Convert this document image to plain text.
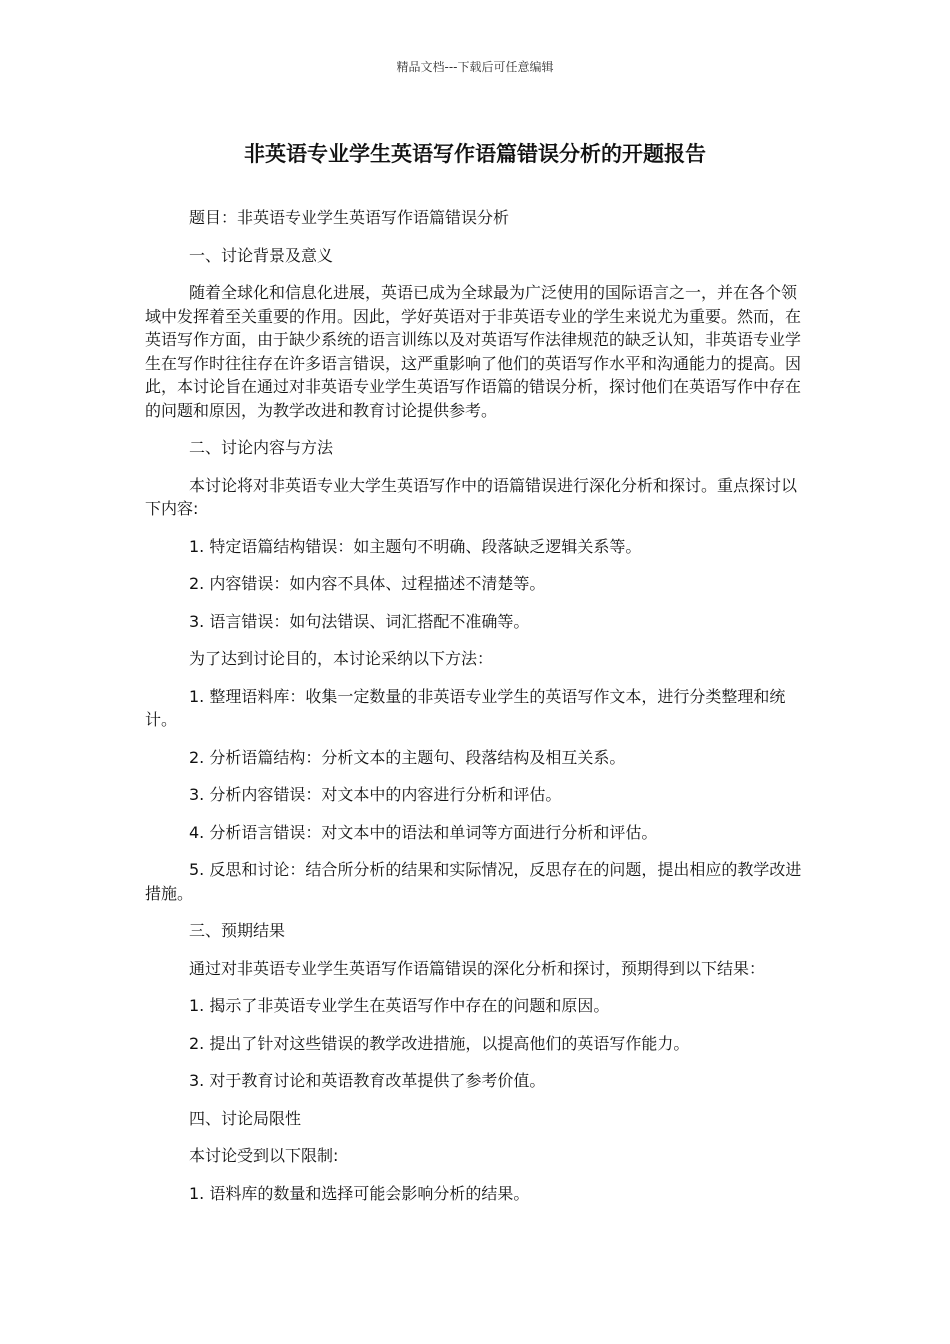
精品文档---下载后可任意编辑
非英语专业学生英语写作语篇错误分析的开题报告

题目：非英语专业学生英语写作语篇错误分析

一、讨论背景及意义

随着全球化和信息化进展，英语已成为全球最为广泛使用的国际语言之一，并在各个领域中发挥着至关重要的作用。因此，学好英语对于非英语专业的学生来说尤为重要。然而，在英语写作方面，由于缺少系统的语言训练以及对英语写作法律规范的缺乏认知，非英语专业学生在写作时往往存在许多语言错误，这严重影响了他们的英语写作水平和沟通能力的提高。因此，本讨论旨在通过对非英语专业学生英语写作语篇的错误分析，探讨他们在英语写作中存在的问题和原因，为教学改进和教育讨论提供参考。

二、讨论内容与方法

本讨论将对非英语专业大学生英语写作中的语篇错误进行深化分析和探讨。重点探讨以下内容:

1. 特定语篇结构错误：如主题句不明确、段落缺乏逻辑关系等。

2. 内容错误：如内容不具体、过程描述不清楚等。

3. 语言错误：如句法错误、词汇搭配不准确等。

为了达到讨论目的，本讨论采纳以下方法：

1. 整理语料库：收集一定数量的非英语专业学生的英语写作文本，进行分类整理和统计。

2. 分析语篇结构：分析文本的主题句、段落结构及相互关系。

3. 分析内容错误：对文本中的内容进行分析和评估。

4. 分析语言错误：对文本中的语法和单词等方面进行分析和评估。

5. 反思和讨论：结合所分析的结果和实际情况，反思存在的问题，提出相应的教学改进措施。

三、预期结果

通过对非英语专业学生英语写作语篇错误的深化分析和探讨，预期得到以下结果：

1. 揭示了非英语专业学生在英语写作中存在的问题和原因。

2. 提出了针对这些错误的教学改进措施，以提高他们的英语写作能力。

3. 对于教育讨论和英语教育改革提供了参考价值。

四、讨论局限性

本讨论受到以下限制:

1. 语料库的数量和选择可能会影响分析的结果。
